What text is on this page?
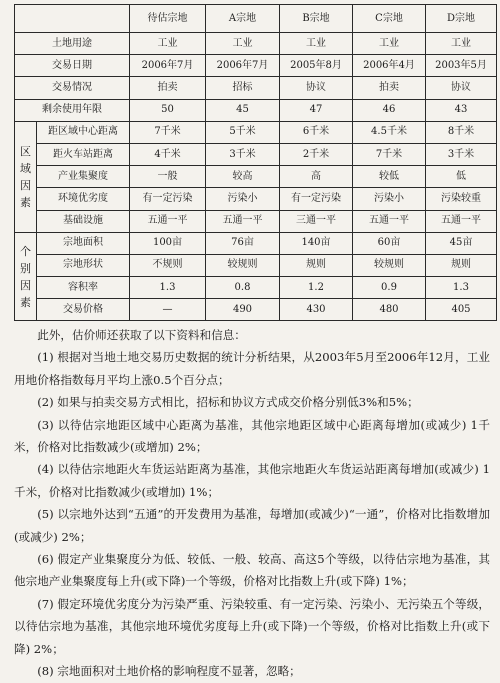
		待估宗地	A宗地	B宗地	C宗地	D宗地
土地用途		工业	工业	工业	工业	工业
交易日期		2006年7月	2006年7月	2005年8月	2006年4月	2003年5月
交易情况		拍卖	招标	协议	拍卖	协议
剩余使用年限		50	45	47	46	43
区域因素	距区域中心距离	7千米	5千米	6千米	4.5千米	8千米
	距火车站距离	4千米	3千米	2千米	7千米	3千米
	产业集聚度	一般	较高	高	较低	低
	环境优劣度	有一定污染	污染小	有一定污染	污染小	污染较重
	基础设施	五通一平	五通一平	三通一平	五通一平	五通一平
个别因素	宗地面积	100亩	76亩	140亩	60亩	45亩
	宗地形状	不规则	较规则	规则	较规则	规则
	容积率	1.3	0.8	1.2	0.9	1.3
	交易价格	—	490	430	480	405

此外，估价师还获取了以下资料和信息：

(1) 根据对当地土地交易历史数据的统计分析结果，从2003年5月至2006年12月，工业用地价格指数每月平均上涨0.5个百分点；

(2) 如果与拍卖交易方式相比，招标和协议方式成交价格分别低3%和5%；

(3) 以待估宗地距区域中心距离为基准，其他宗地距区域中心距离每增加(或减少) 1千米，价格对比指数减少(或增加) 2%；

(4) 以待估宗地距火车货运站距离为基准，其他宗地距火车货运站距离每增加(或减少) 1千米，价格对比指数减少(或增加) 1%；

(5) 以宗地外达到“五通”的开发费用为基准，每增加(或减少)“一通”，价格对比指数增加(或减少) 2%；

(6) 假定产业集聚度分为低、较低、一般、较高、高这5个等级，以待估宗地为基准，其他宗地产业集聚度每上升(或下降)一个等级，价格对比指数上升(或下降) 1%；

(7) 假定环境优劣度分为污染严重、污染较重、有一定污染、污染小、无污染五个等级，以待估宗地为基准，其他宗地环境优劣度每上升(或下降)一个等级，价格对比指数上升(或下降) 2%；

(8) 宗地面积对土地价格的影响程度不显著，忽略；
